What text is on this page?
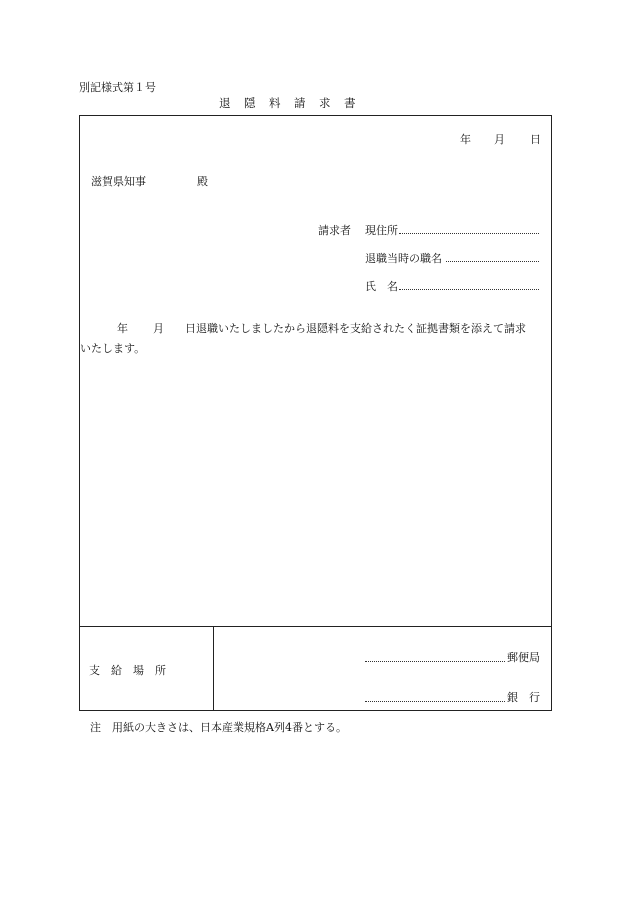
別記様式第１号
退　隠　料　請　求　書
年 月 日
滋賀県知事	殿
請求者 現住所
退職当時の職名
氏　名
年 月 日退職いたしましたから退隠料を支給されたく証拠書類を添えて請求
いたします。
支　給　場　所
郵便局
銀　行
注　用紙の大きさは、日本産業規格A列4番とする。
